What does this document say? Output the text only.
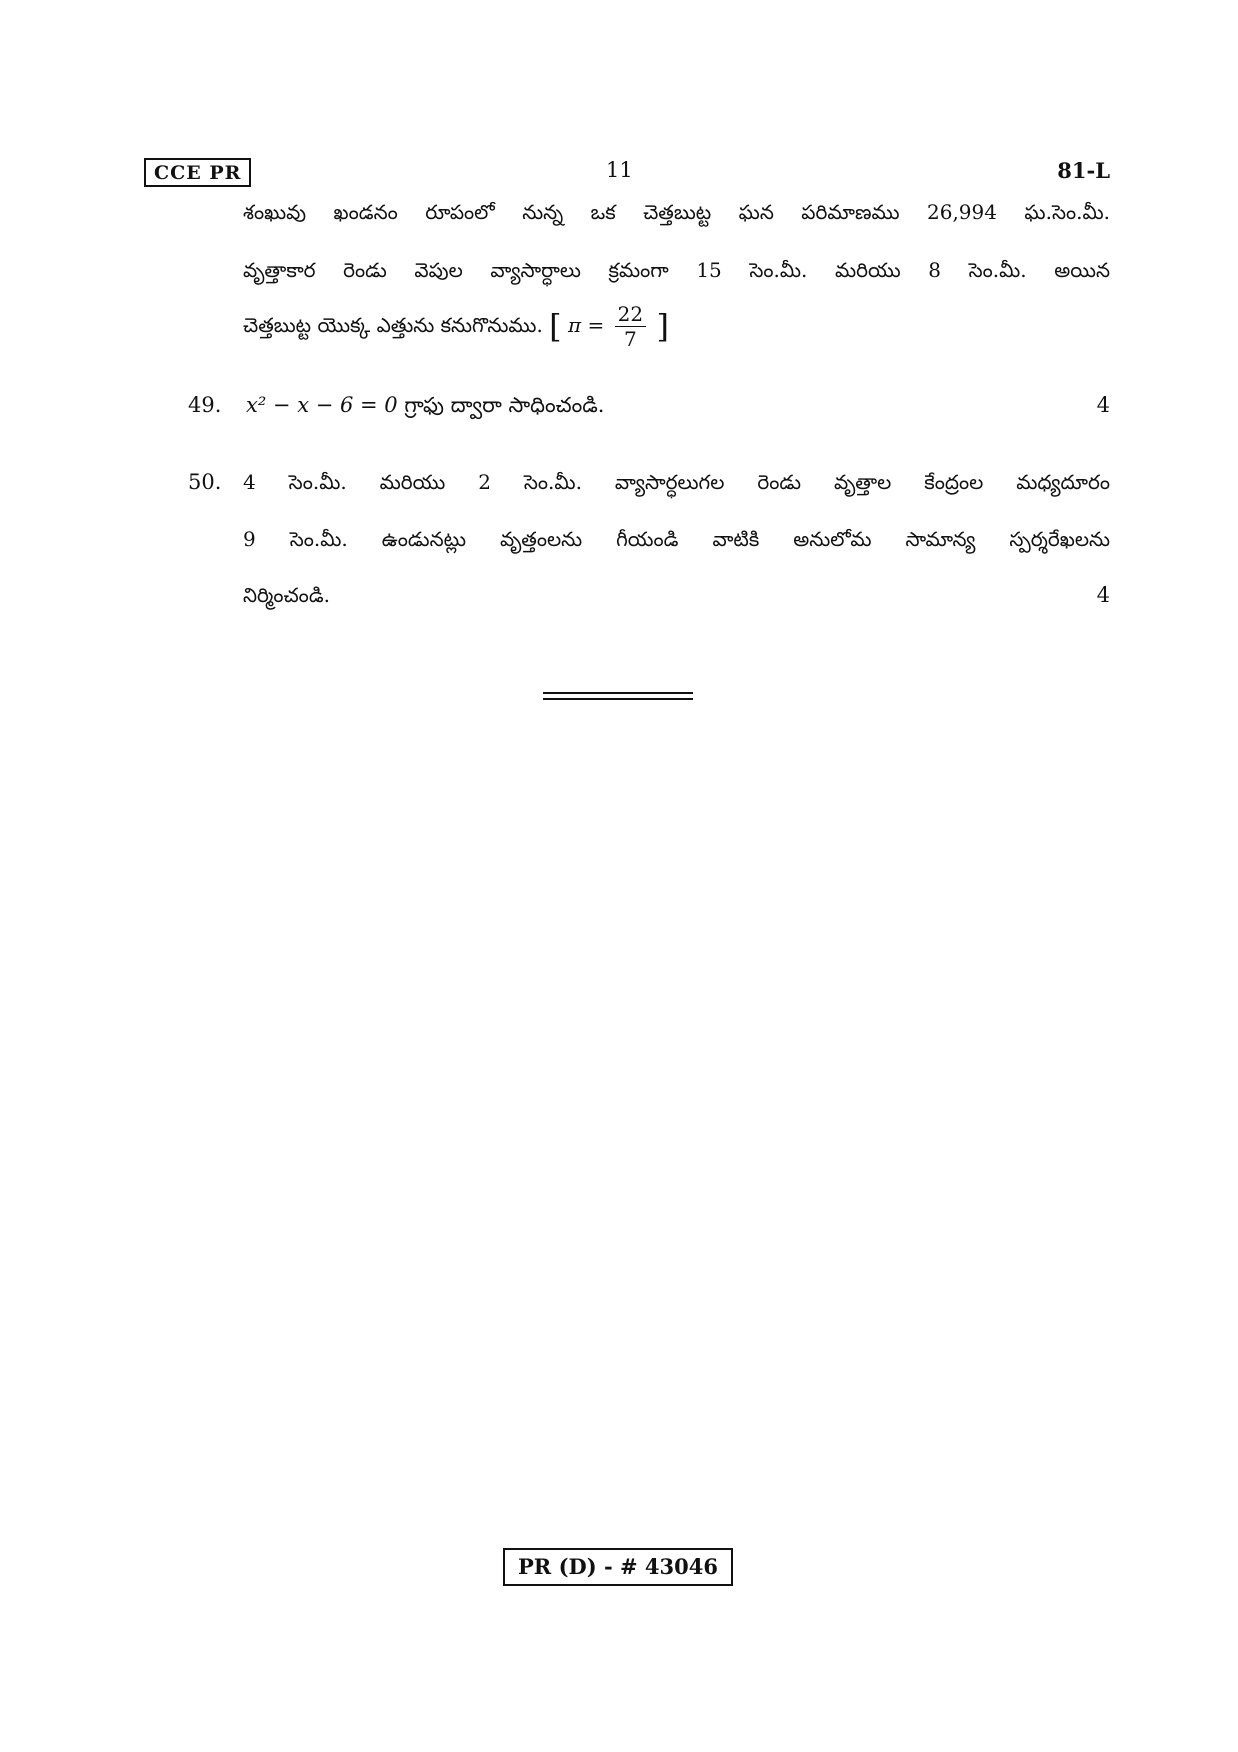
CCE PR	11	81-L
శంఖువు ఖండనం రూపంలో నున్న ఒక చెత్తబుట్ట ఘన పరిమాణము 26,994 ఘ.సెం.మీ.
వృత్తాకార రెండు వెపుల వ్యాసార్ధాలు క్రమంగా 15 సెం.మీ. మరియు 8 సెం.మీ. అయిన
చెత్తబుట్ట యొక్క ఎత్తును కనుగొనుము. [ $\pi = \frac{22}{7}$ ]
49. x² − x − 6 = 0 గ్రాఫు ద్వారా సాధించండి.	4
50. 4 సెం.మీ. మరియు 2 సెం.మీ. వ్యాసార్ధలుగల రెండు వృత్తాల కేంద్రంల మధ్యదూరం
9 సెం.మీ. ఉండునట్లు వృత్తంలను గీయండి వాటికి అనులోమ సామాన్య స్పర్శరేఖలను
నిర్మించండి.	4
PR (D) - # 43046
